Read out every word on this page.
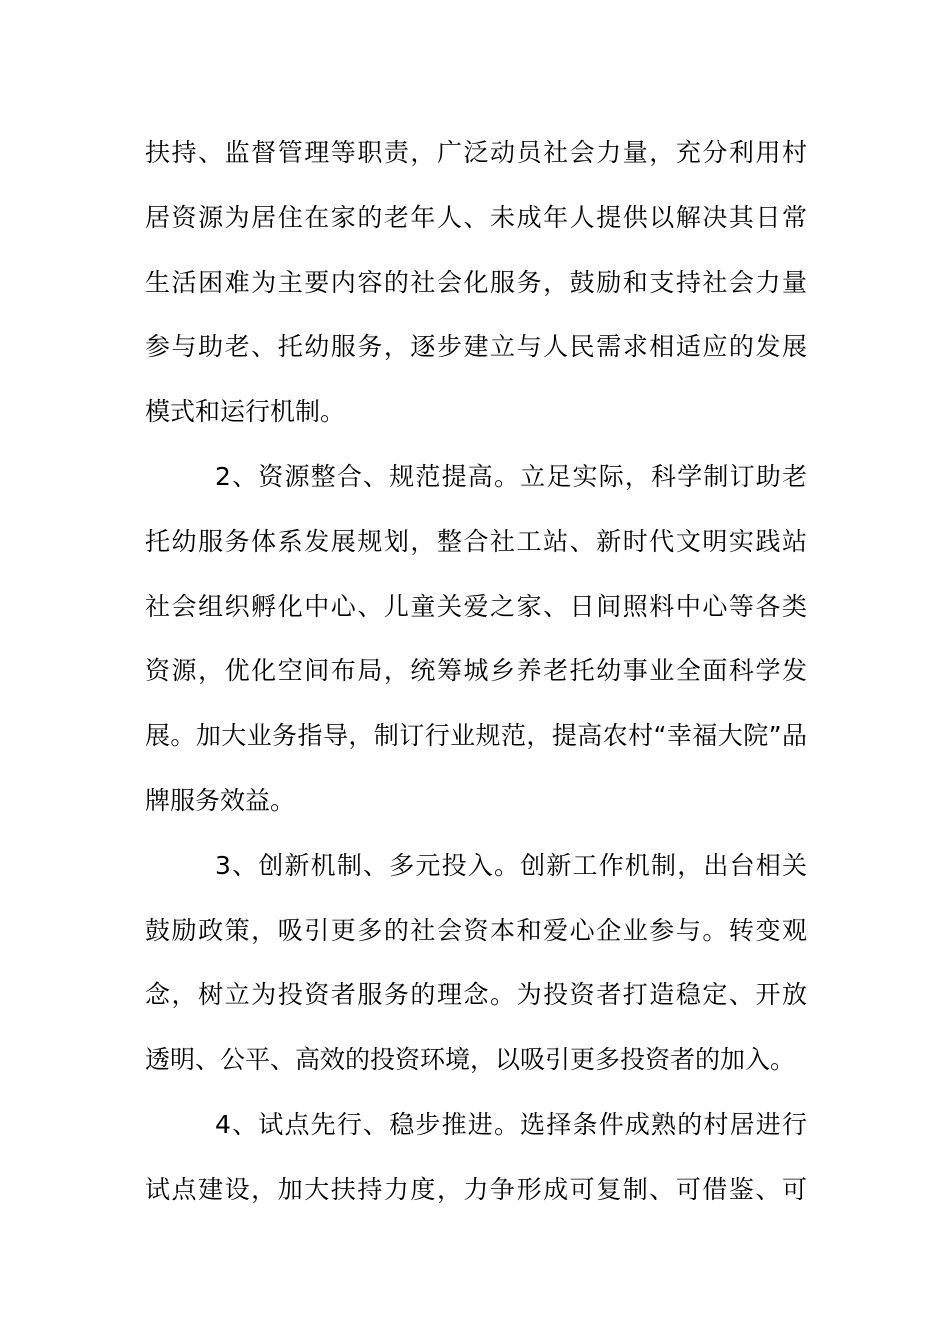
扶持、监督管理等职责，广泛动员社会力量，充分利用村
居资源为居住在家的老年人、未成年人提供以解决其日常
生活困难为主要内容的社会化服务，鼓励和支持社会力量
参与助老、托幼服务，逐步建立与人民需求相适应的发展
模式和运行机制。
2、资源整合、规范提高。立足实际，科学制订助老
托幼服务体系发展规划，整合社工站、新时代文明实践站
社会组织孵化中心、儿童关爱之家、日间照料中心等各类
资源，优化空间布局，统筹城乡养老托幼事业全面科学发
展。加大业务指导，制订行业规范，提高农村“幸福大院”品
牌服务效益。
3、创新机制、多元投入。创新工作机制，出台相关
鼓励政策，吸引更多的社会资本和爱心企业参与。转变观
念，树立为投资者服务的理念。为投资者打造稳定、开放
透明、公平、高效的投资环境，以吸引更多投资者的加入。
4、试点先行、稳步推进。选择条件成熟的村居进行
试点建设，加大扶持力度，力争形成可复制、可借鉴、可
